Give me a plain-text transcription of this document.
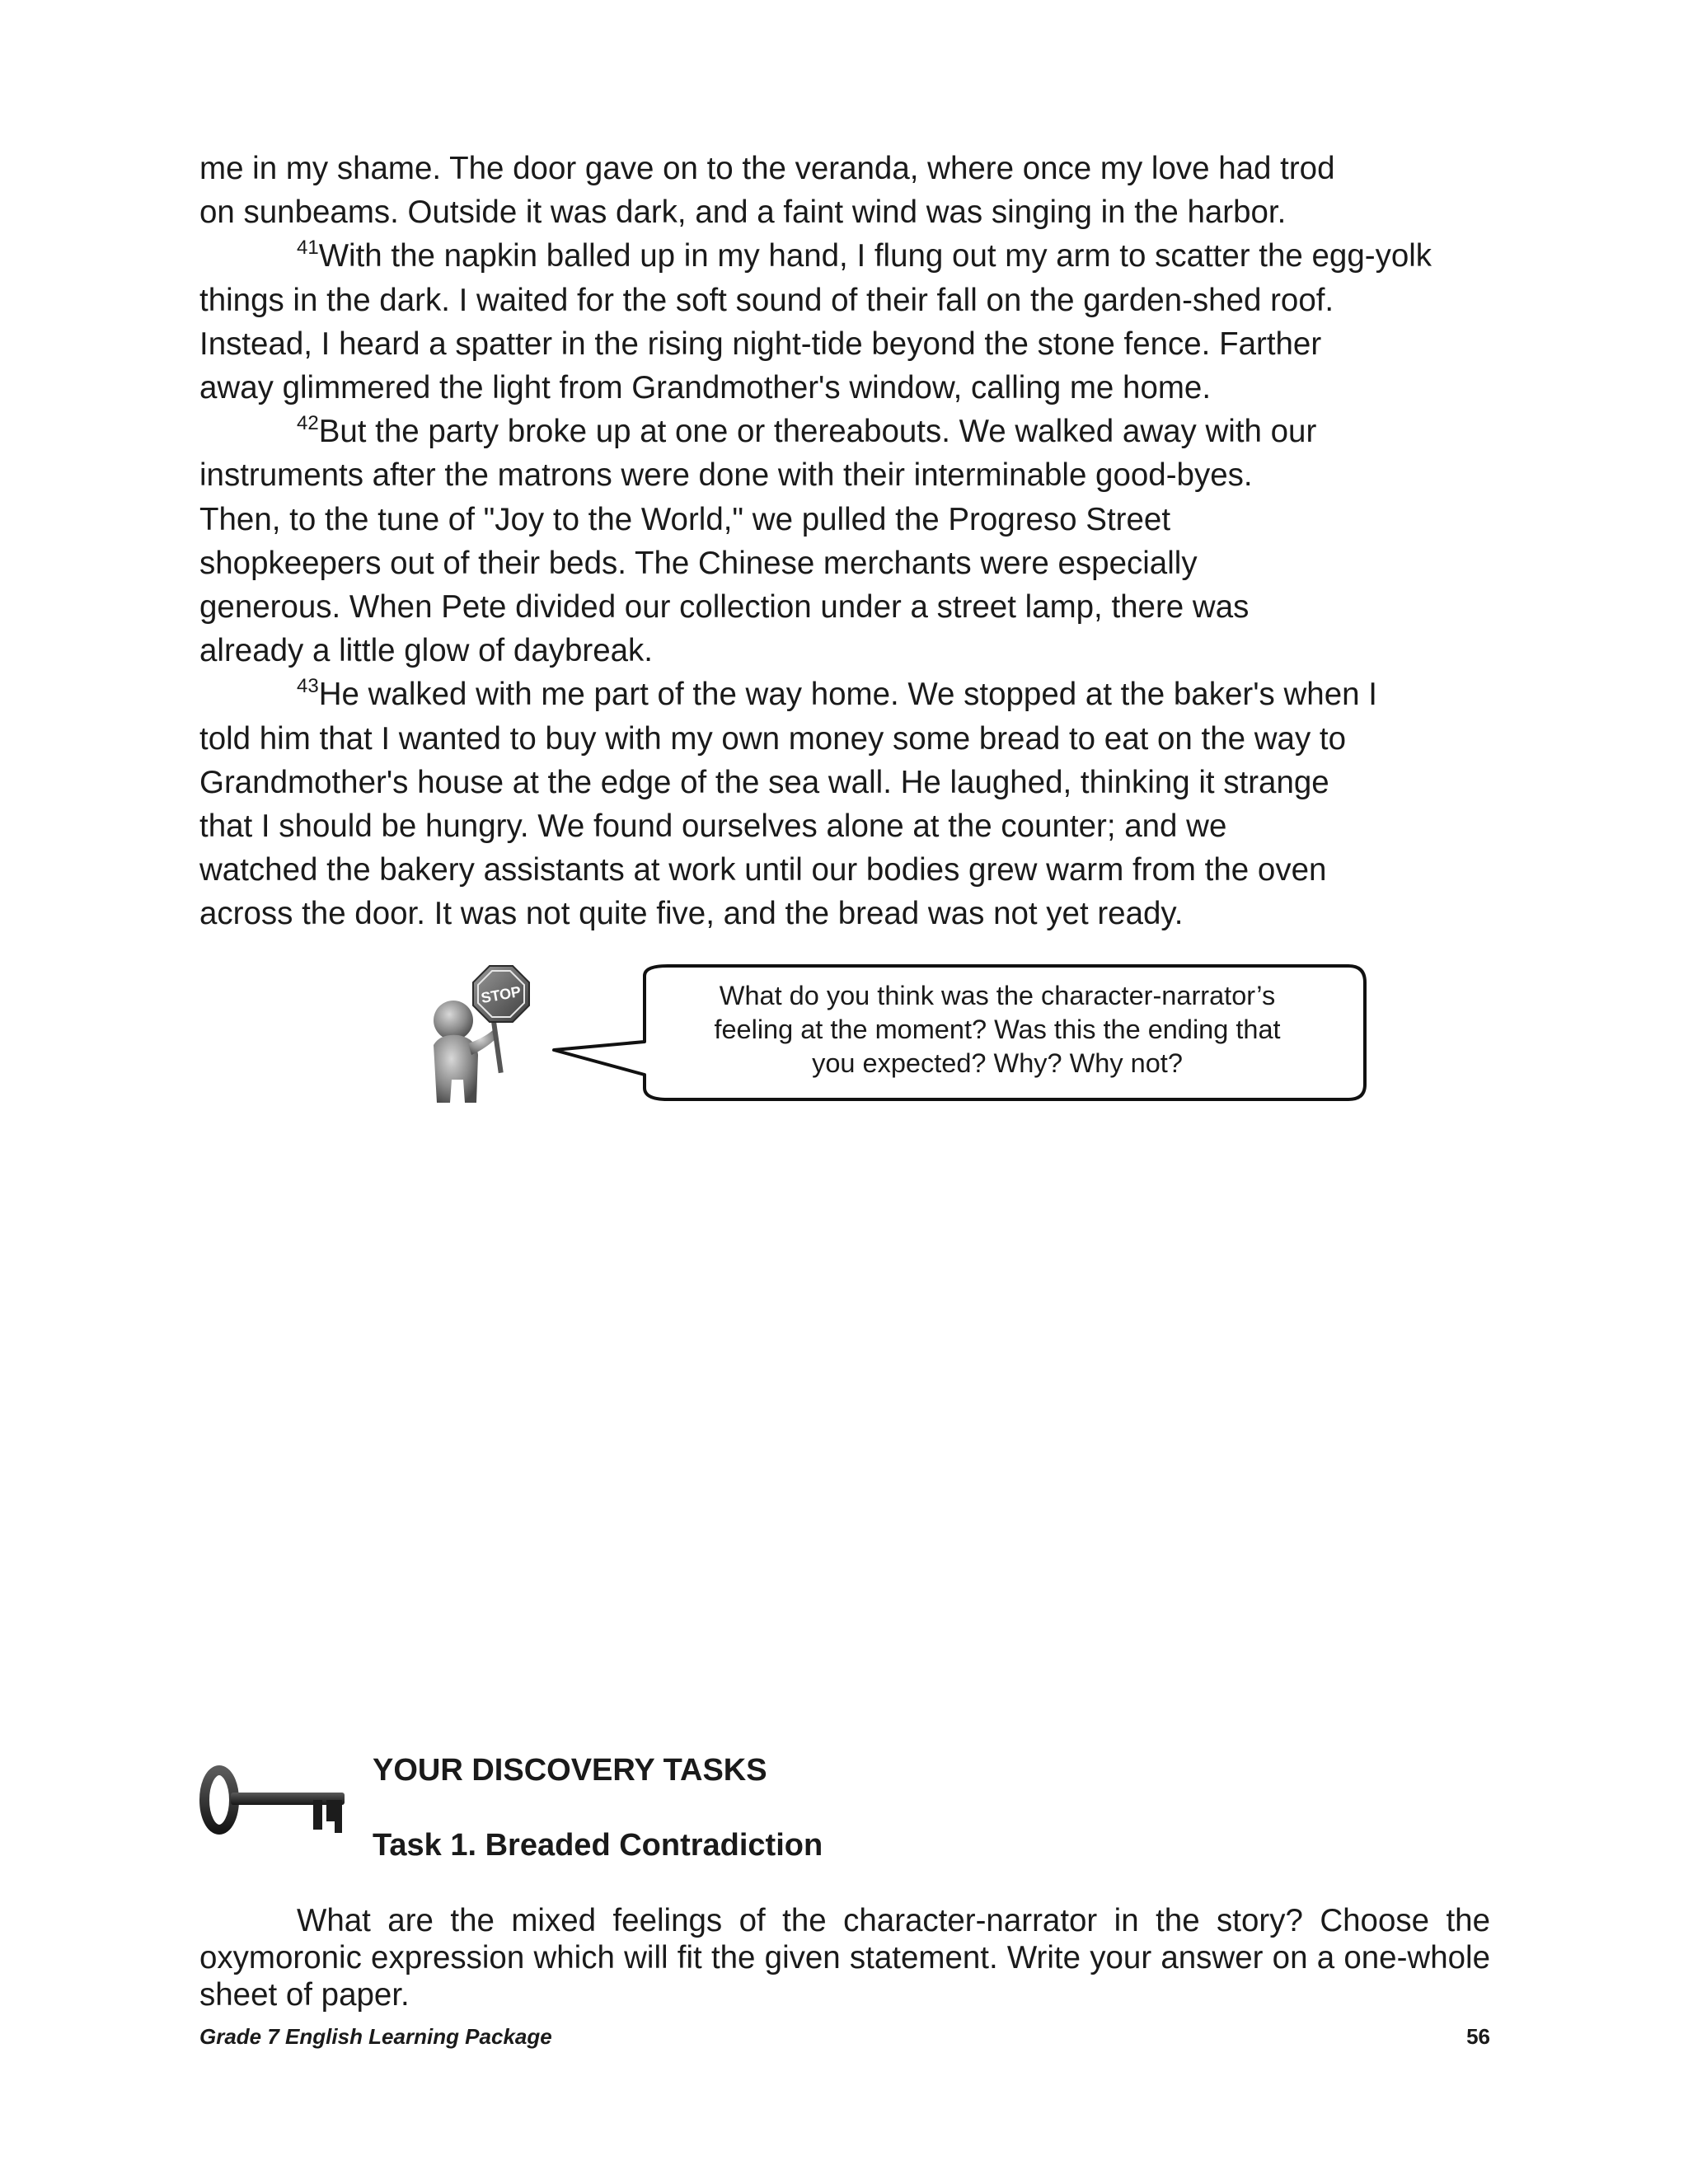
me in my shame. The door gave on to the veranda, where once my love had trod
on sunbeams. Outside it was dark, and a faint wind was singing in the harbor.
$^{41}$With the napkin balled up in my hand, I flung out my arm to scatter the egg-yolk
things in the dark. I waited for the soft sound of their fall on the garden-shed roof.
Instead, I heard a spatter in the rising night-tide beyond the stone fence. Farther
away glimmered the light from Grandmother's window, calling me home.
$^{42}$But the party broke up at one or thereabouts. We walked away with our
instruments after the matrons were done with their interminable good-byes.
Then, to the tune of "Joy to the World," we pulled the Progreso Street
shopkeepers out of their beds. The Chinese merchants were especially
generous. When Pete divided our collection under a street lamp, there was
already a little glow of daybreak.
$^{43}$He walked with me part of the way home. We stopped at the baker's when I
told him that I wanted to buy with my own money some bread to eat on the way to
Grandmother's house at the edge of the sea wall. He laughed, thinking it strange
that I should be hungry. We found ourselves alone at the counter; and we
watched the bakery assistants at work until our bodies grew warm from the oven
across the door. It was not quite five, and the bread was not yet ready.
STOP	What do you think was the character-narrator’s
feeling at the moment? Was this the ending that
you expected? Why? Why not?
YOUR DISCOVERY TASKS
Task 1. Breaded Contradiction
What are the mixed feelings of the character-narrator in the story? Choose the oxymoronic expression which will fit the given statement. Write your answer on a one-whole sheet of paper.
Grade 7 English Learning Package	56
